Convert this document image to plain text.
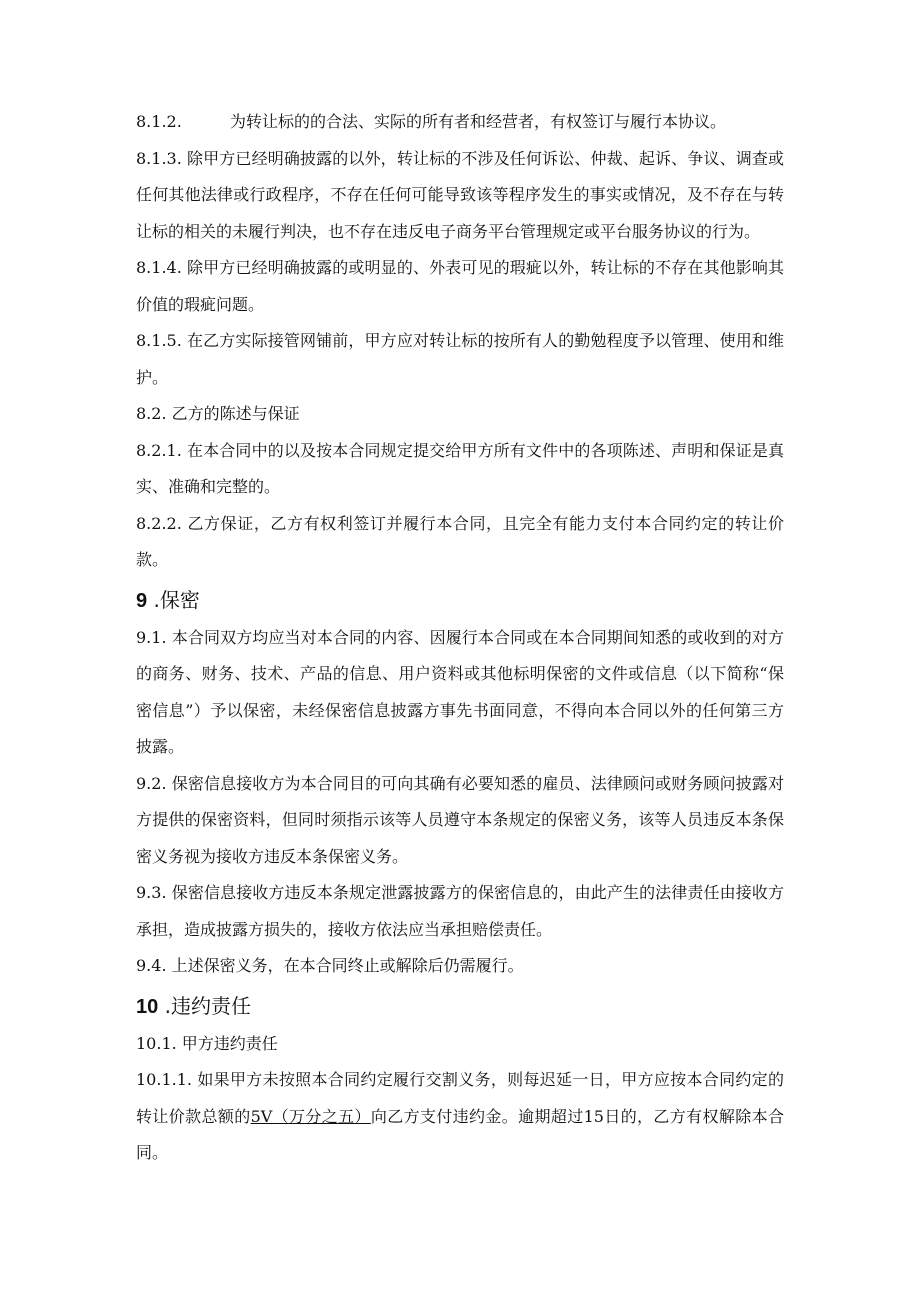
8.1.2.	为转让标的的合法、实际的所有者和经营者，有权签订与履行本协议。

8.1.3. 除甲方已经明确披露的以外，转让标的不涉及任何诉讼、仲裁、起诉、争议、调查或任何其他法律或行政程序，不存在任何可能导致该等程序发生的事实或情况，及不存在与转让标的相关的未履行判决，也不存在违反电子商务平台管理规定或平台服务协议的行为。

8.1.4. 除甲方已经明确披露的或明显的、外表可见的瑕疵以外，转让标的不存在其他影响其价值的瑕疵问题。

8.1.5. 在乙方实际接管网铺前，甲方应对转让标的按所有人的勤勉程度予以管理、使用和维护。

8.2. 乙方的陈述与保证

8.2.1. 在本合同中的以及按本合同规定提交给甲方所有文件中的各项陈述、声明和保证是真实、准确和完整的。

8.2.2. 乙方保证，乙方有权利签订并履行本合同，且完全有能力支付本合同约定的转让价款。

9 .保密

9.1. 本合同双方均应当对本合同的内容、因履行本合同或在本合同期间知悉的或收到的对方的商务、财务、技术、产品的信息、用户资料或其他标明保密的文件或信息（以下简称“保密信息”）予以保密，未经保密信息披露方事先书面同意，不得向本合同以外的任何第三方披露。

9.2. 保密信息接收方为本合同目的可向其确有必要知悉的雇员、法律顾问或财务顾问披露对方提供的保密资料，但同时须指示该等人员遵守本条规定的保密义务，该等人员违反本条保密义务视为接收方违反本条保密义务。

9.3. 保密信息接收方违反本条规定泄露披露方的保密信息的，由此产生的法律责任由接收方承担，造成披露方损失的，接收方依法应当承担赔偿责任。

9.4. 上述保密义务，在本合同终止或解除后仍需履行。

10 .违约责任

10.1. 甲方违约责任

10.1.1. 如果甲方未按照本合同约定履行交割义务，则每迟延一日，甲方应按本合同约定的转让价款总额的5V（万分之五）向乙方支付违约金。逾期超过15日的，乙方有权解除本合同。
